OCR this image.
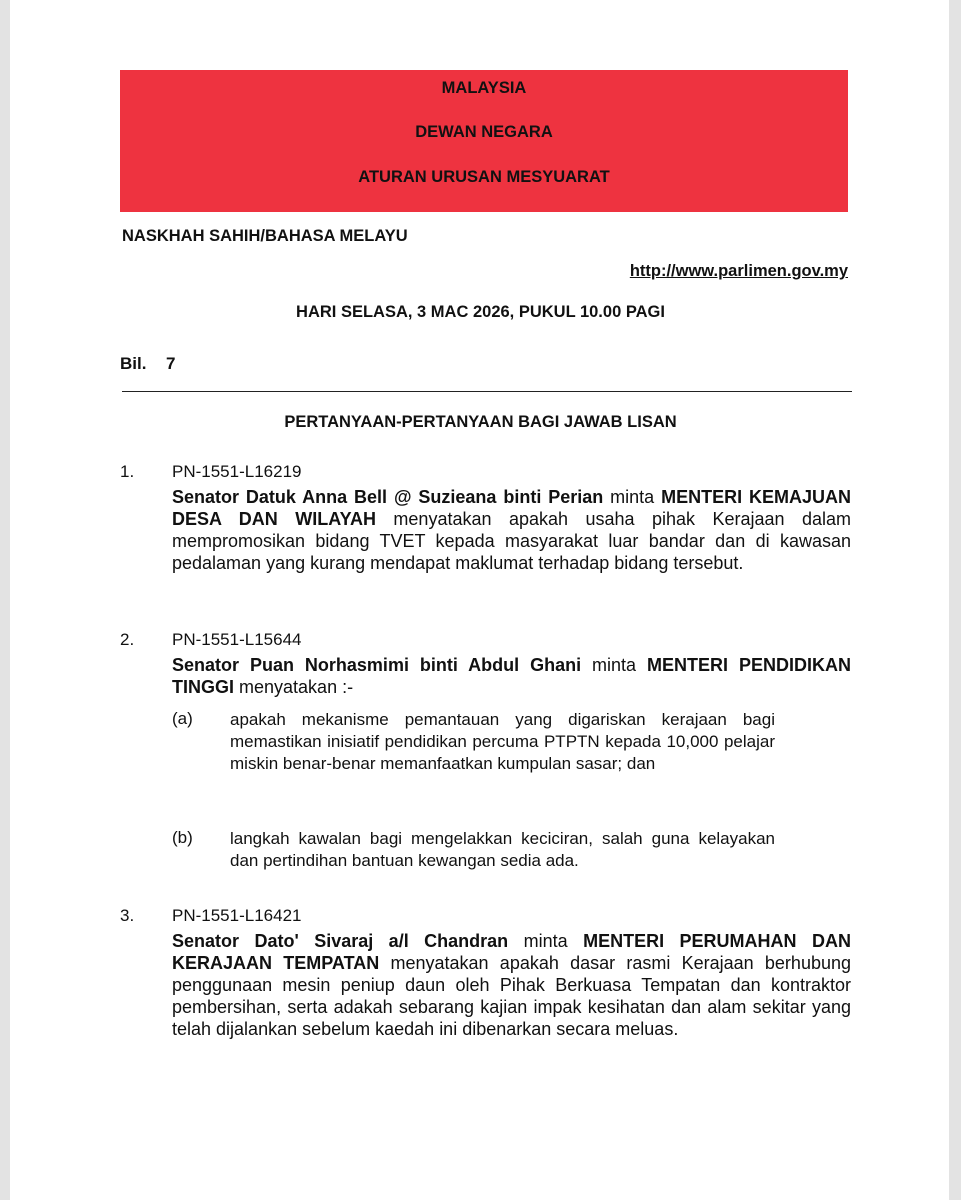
MALAYSIA
DEWAN NEGARA
ATURAN URUSAN MESYUARAT
NASKHAH SAHIH/BAHASA MELAYU
http://www.parlimen.gov.my
HARI SELASA, 3 MAC 2026, PUKUL 10.00 PAGI
Bil. 7
PERTANYAAN-PERTANYAAN BAGI JAWAB LISAN
1. PN-1551-L16219
Senator Datuk Anna Bell @ Suzieana binti Perian minta MENTERI KEMAJUAN DESA DAN WILAYAH menyatakan apakah usaha pihak Kerajaan dalam mempromosikan bidang TVET kepada masyarakat luar bandar dan di kawasan pedalaman yang kurang mendapat maklumat terhadap bidang tersebut.
2. PN-1551-L15644
Senator Puan Norhasmimi binti Abdul Ghani minta MENTERI PENDIDIKAN TINGGI menyatakan :-
(a) apakah mekanisme pemantauan yang digariskan kerajaan bagi memastikan inisiatif pendidikan percuma PTPTN kepada 10,000 pelajar miskin benar-benar memanfaatkan kumpulan sasar; dan
(b) langkah kawalan bagi mengelakkan keciciran, salah guna kelayakan dan pertindihan bantuan kewangan sedia ada.
3. PN-1551-L16421
Senator Dato' Sivaraj a/l Chandran minta MENTERI PERUMAHAN DAN KERAJAAN TEMPATAN menyatakan apakah dasar rasmi Kerajaan berhubung penggunaan mesin peniup daun oleh Pihak Berkuasa Tempatan dan kontraktor pembersihan, serta adakah sebarang kajian impak kesihatan dan alam sekitar yang telah dijalankan sebelum kaedah ini dibenarkan secara meluas.
